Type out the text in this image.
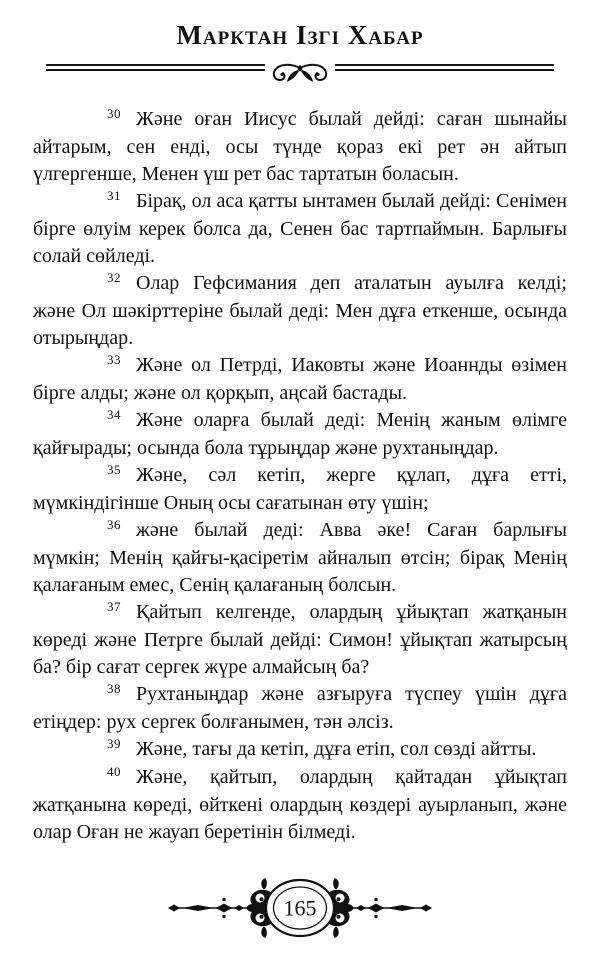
Марктан Ізгі Хабар

30 Және оған Иисус былай дейді: саған шынайы айтарым, сен енді, осы түнде қораз екі рет ән айтып үлгергенше, Менен үш рет бас тартатын боласын.

31 Бірақ, ол аса қатты ынтамен былай дейді: Сенімен бірге өлуім керек болса да, Сенен бас тартпаймын. Барлығы солай сөйледі.

32 Олар Гефсимания деп аталатын ауылға келді; және Ол шәкірттеріне былай деді: Мен дұға еткенше, осында отырыңдар.

33 Және ол Петрді, Иаковты және Иоаннды өзімен бірге алды; және ол қорқып, аңсай бастады.

34 Және оларға былай деді: Менің жаным өлімге қайғырады; осында бола тұрыңдар және рухтаныңдар.

35 Және, сәл кетіп, жерге құлап, дұға етті, мүмкіндігінше Оның осы сағатынан өту үшін;

36 және былай деді: Авва әке! Саған барлығы мүмкін; Менің қайғы-қасіретім айналып өтсін; бірақ Менің қалағаным емес, Сенің қалағаның болсын.

37 Қайтып келгенде, олардың ұйықтап жатқанын көреді және Петрге былай дейді: Симон! ұйықтап жатырсың ба? бір сағат сергек жүре алмайсың ба?

38 Рухтаныңдар және азғыруға түспеу үшін дұға етіңдер: рух сергек болғанымен, тән әлсіз.

39 Және, тағы да кетіп, дұға етіп, сол сөзді айтты.

40 Және, қайтып, олардың қайтадан ұйықтап жатқанына көреді, өйткені олардың көздері ауырланып, және олар Оған не жауап беретінін білмеді.

165
